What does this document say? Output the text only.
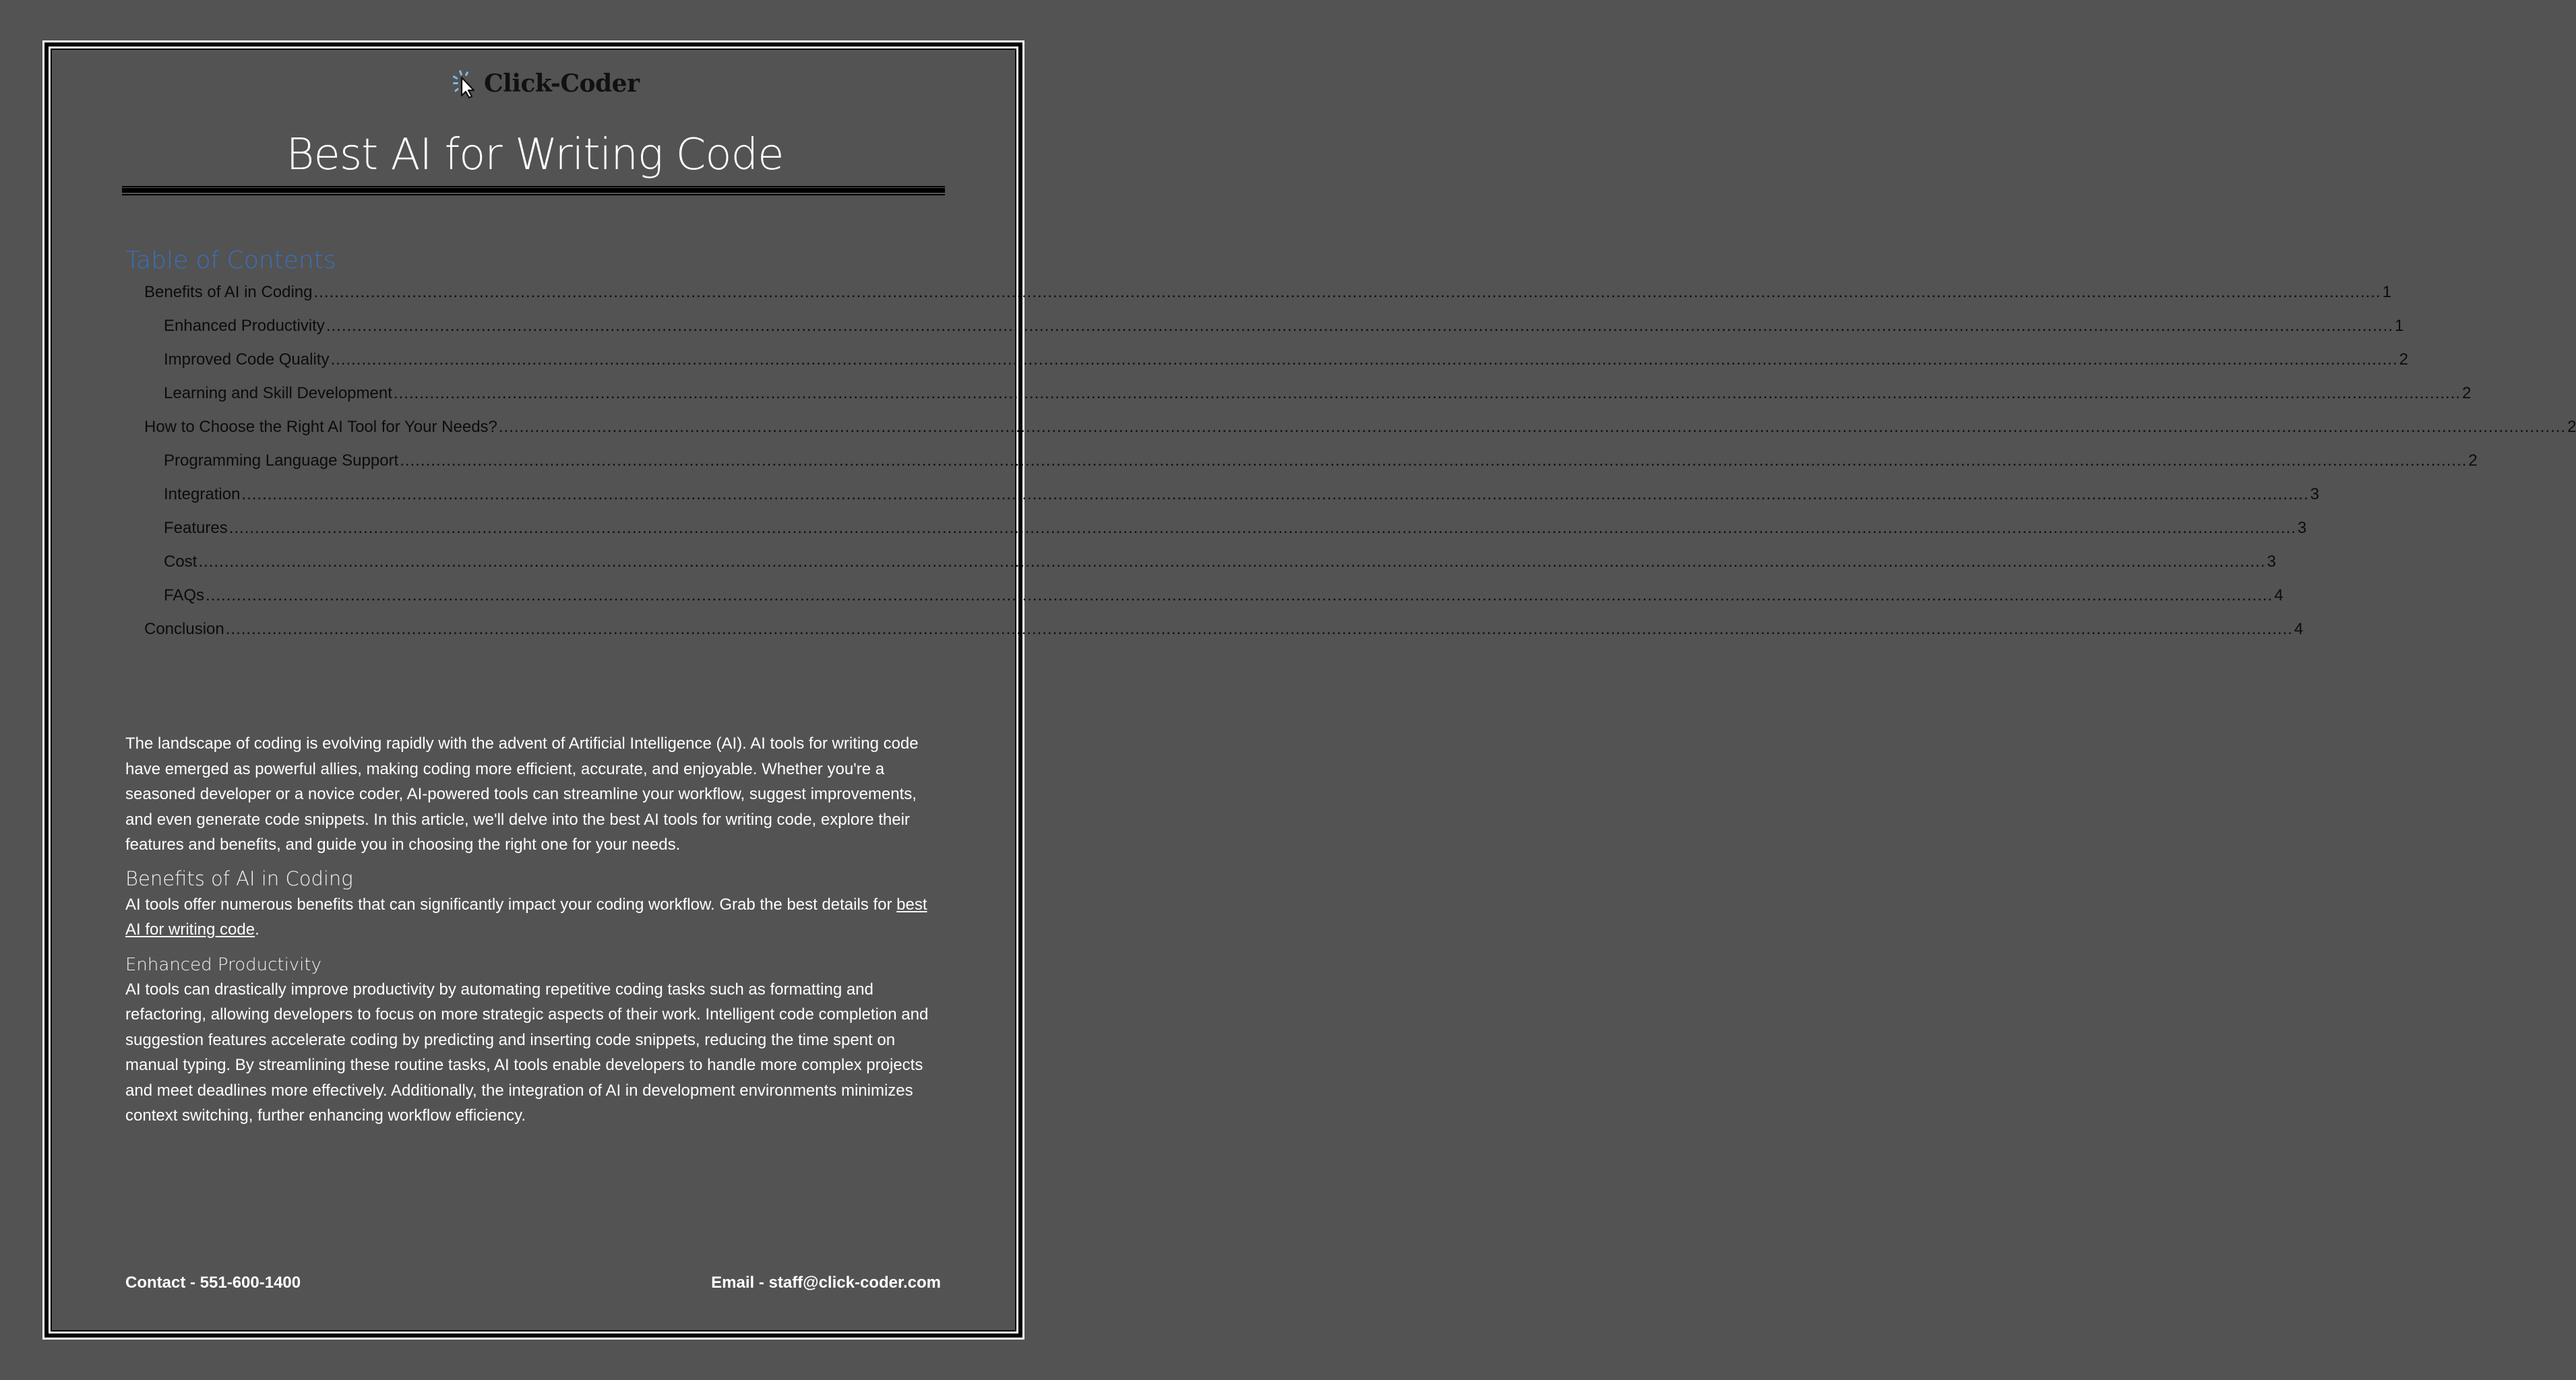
Click-Coder
Best AI for Writing Code
Table of Contents
Benefits of AI in Coding ................................................................................................................................................................................................................................................................................................................................................................................................................ 1
Enhanced Productivity ................................................................................................................................................................................................................................................................................................................................................................................................................ 1
Improved Code Quality ................................................................................................................................................................................................................................................................................................................................................................................................................ 2
Learning and Skill Development ................................................................................................................................................................................................................................................................................................................................................................................................................ 2
How to Choose the Right AI Tool for Your Needs? ................................................................................................................................................................................................................................................................................................................................................................................................................ 2
Programming Language Support ................................................................................................................................................................................................................................................................................................................................................................................................................ 2
Integration ................................................................................................................................................................................................................................................................................................................................................................................................................ 3
Features ................................................................................................................................................................................................................................................................................................................................................................................................................ 3
Cost ................................................................................................................................................................................................................................................................................................................................................................................................................ 3
FAQs ................................................................................................................................................................................................................................................................................................................................................................................................................ 4
Conclusion ................................................................................................................................................................................................................................................................................................................................................................................................................ 4

The landscape of coding is evolving rapidly with the advent of Artificial Intelligence (AI). AI tools for writing code have emerged as powerful allies, making coding more efficient, accurate, and enjoyable. Whether you're a seasoned developer or a novice coder, AI-powered tools can streamline your workflow, suggest improvements, and even generate code snippets. In this article, we'll delve into the best AI tools for writing code, explore their features and benefits, and guide you in choosing the right one for your needs.

Benefits of AI in Coding

AI tools offer numerous benefits that can significantly impact your coding workflow. Grab the best details for best AI for writing code.

Enhanced Productivity

AI tools can drastically improve productivity by automating repetitive coding tasks such as formatting and refactoring, allowing developers to focus on more strategic aspects of their work. Intelligent code completion and suggestion features accelerate coding by predicting and inserting code snippets, reducing the time spent on manual typing. By streamlining these routine tasks, AI tools enable developers to handle more complex projects and meet deadlines more effectively. Additionally, the integration of AI in development environments minimizes context switching, further enhancing workflow efficiency.

Contact - 551-600-1400	Email - staff@click-coder.com
